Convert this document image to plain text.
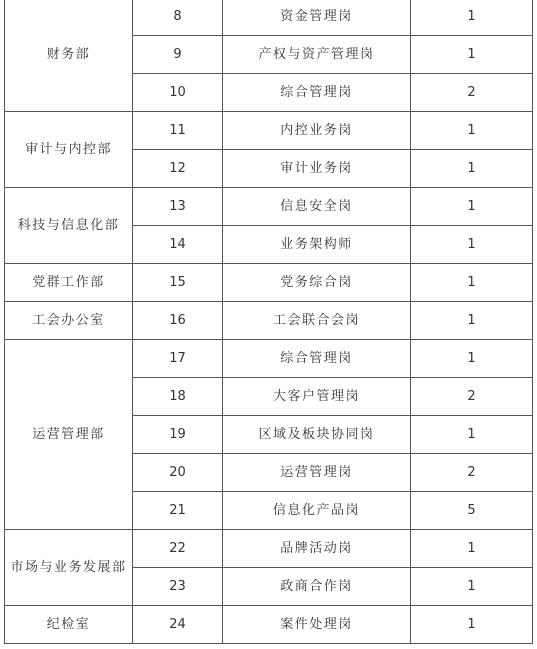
财务部	8	资金管理岗	1
	9	产权与资产管理岗	1
	10	综合管理岗	2
审计与内控部	11	内控业务岗	1
	12	审计业务岗	1
科技与信息化部	13	信息安全岗	1
	14	业务架构师	1
党群工作部	15	党务综合岗	1
工会办公室	16	工会联合会岗	1
运营管理部	17	综合管理岗	1
	18	大客户管理岗	2
	19	区域及板块协同岗	1
	20	运营管理岗	2
	21	信息化产品岗	5
市场与业务发展部	22	品牌活动岗	1
	23	政商合作岗	1
纪检室	24	案件处理岗	1
